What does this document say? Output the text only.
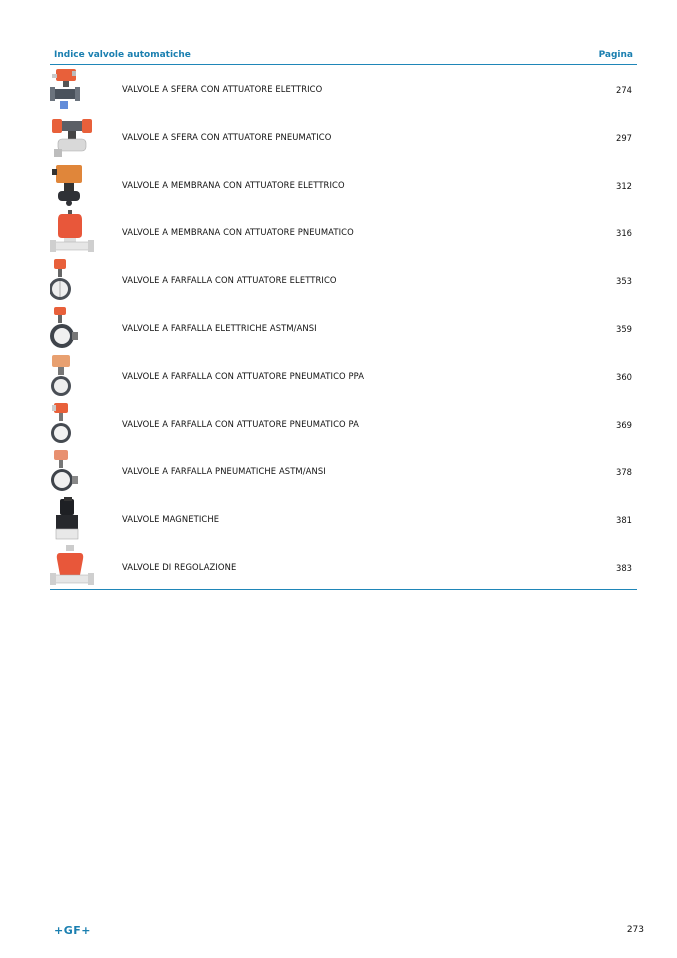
Indice valvole automatiche	Pagina
VALVOLE A SFERA CON ATTUATORE ELETTRICO	274
VALVOLE A SFERA CON ATTUATORE PNEUMATICO	297
VALVOLE A MEMBRANA CON ATTUATORE ELETTRICO	312
VALVOLE A MEMBRANA CON ATTUATORE PNEUMATICO	316
VALVOLE A FARFALLA CON ATTUATORE ELETTRICO	353
VALVOLE A FARFALLA ELETTRICHE ASTM/ANSI	359
VALVOLE A FARFALLA CON ATTUATORE PNEUMATICO PPA	360
VALVOLE A FARFALLA CON ATTUATORE PNEUMATICO PA	369
VALVOLE A FARFALLA PNEUMATICHE ASTM/ANSI	378
VALVOLE MAGNETICHE	381
VALVOLE DI REGOLAZIONE	383
+GF+	273
